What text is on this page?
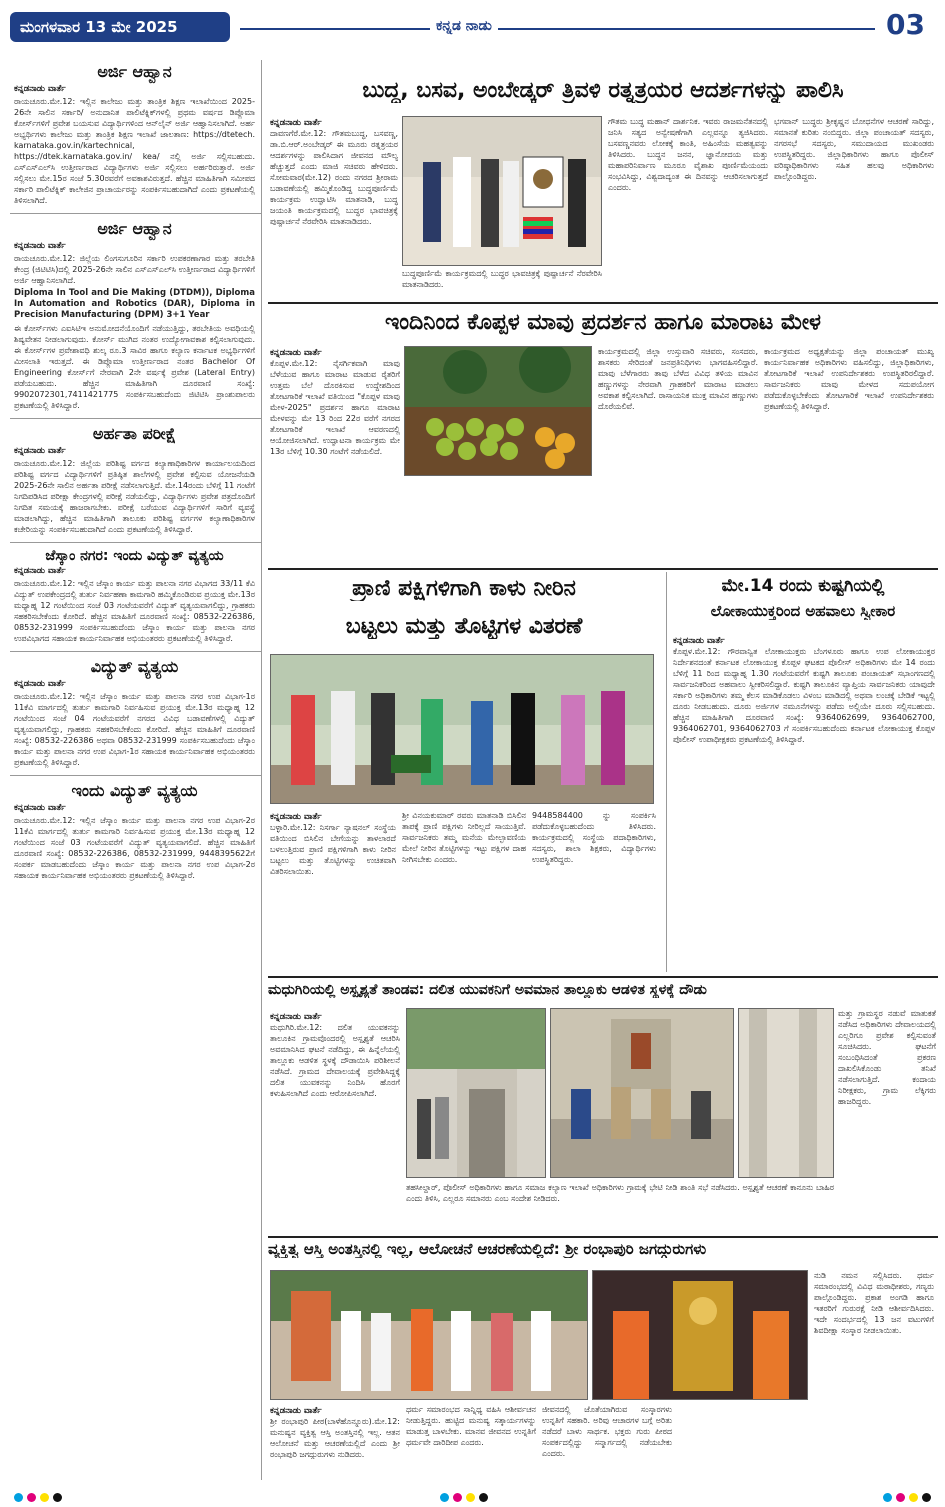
ಮಂಗಳವಾರ 13 ಮೇ 2025	ಕನ್ನಡ ನಾಡು	03
ಅರ್ಜಿ ಆಹ್ವಾನ
ಕನ್ನಡನಾಡು ವಾರ್ತೆ
ರಾಯಚೂರು.ಮೇ.12: ಇಲ್ಲಿನ ಕಾಲೇಜು ಮತ್ತು ತಾಂತ್ರಿಕ ಶಿಕ್ಷಣ ಇಲಾಖೆಯಿಂದ 2025-26ನೇ ಸಾಲಿನ ಸರ್ಕಾರಿ/ ಅನುದಾನಿತ ಪಾಲಿಟೆಕ್ನಿಕ್‌ಗಳಲ್ಲಿ ಪ್ರಥಮ ವರ್ಷದ ಡಿಪ್ಲೊಮಾ ಕೋರ್ಸ್‌ಗಳಿಗೆ ಪ್ರವೇಶ ಬಯಸುವ ವಿದ್ಯಾರ್ಥಿಗಳಿಂದ ಆನ್‌ಲೈನ್ ಅರ್ಜಿ ಆಹ್ವಾನಿಸಲಾಗಿದೆ. ಅರ್ಹ ಅಭ್ಯರ್ಥಿಗಳು ಕಾಲೇಜು ಮತ್ತು ತಾಂತ್ರಿಕ ಶಿಕ್ಷಣ ಇಲಾಖೆ ಜಾಲತಾಣ: https://dtetech. karnataka.gov.in/kartechnical, https://dtek.karnataka.gov.in/ kea/ ನಲ್ಲಿ ಅರ್ಜಿ ಸಲ್ಲಿಸಬಹುದು. ಎಸ್‌ಎಸ್‌ಎಲ್‌ಸಿ ಉತ್ತೀರ್ಣರಾದ ವಿದ್ಯಾರ್ಥಿಗಳು ಅರ್ಜಿ ಸಲ್ಲಿಸಲು ಅರ್ಹರಿರುತ್ತಾರೆ. ಅರ್ಜಿ ಸಲ್ಲಿಸಲು ಮೇ.15ರ ಸಂಜೆ 5.30ರವರೆಗೆ ಅವಕಾಶವಿರುತ್ತದೆ. ಹೆಚ್ಚಿನ ಮಾಹಿತಿಗಾಗಿ ಸಮೀಪದ ಸರ್ಕಾರಿ ಪಾಲಿಟೆಕ್ನಿಕ್ ಕಾಲೇಜಿನ ಪ್ರಾಚಾರ್ಯರನ್ನು ಸಂಪರ್ಕಿಸಬಹುದಾಗಿದೆ ಎಂದು ಪ್ರಕಟಣೆಯಲ್ಲಿ ತಿಳಿಸಲಾಗಿದೆ.
ಅರ್ಜಿ ಆಹ್ವಾನ
ಕನ್ನಡನಾಡು ವಾರ್ತೆ
ರಾಯಚೂರು.ಮೇ.12: ಜಿಲ್ಲೆಯ ಲಿಂಗಸುಗೂರಿನ ಸರ್ಕಾರಿ ಉಪಕರಣಾಗಾರ ಮತ್ತು ತರಬೇತಿ ಕೇಂದ್ರ (ಜಿಟಿಟಿಸಿ)ದಲ್ಲಿ 2025-26ನೇ ಸಾಲಿನ ಎಸ್‌ಎಸ್‌ಎಲ್‌ಸಿ ಉತ್ತೀರ್ಣರಾದ ವಿದ್ಯಾರ್ಥಿಗಳಿಗೆ ಅರ್ಜಿ ಆಹ್ವಾನಿಸಲಾಗಿದೆ.
Diploma In Tool and Die Making (DTDM)), Diploma In Automation and Robotics (DAR), Diploma in Precision Manufacturing (DPM) 3+1 Year
ಈ ಕೋರ್ಸ್‌ಗಳು ಎಐಸಿಟಿಇ ಅನುಮೋದನೆಯೊಂದಿಗೆ ನಡೆಯುತ್ತಿದ್ದು, ತರಬೇತಿಯ ಅವಧಿಯಲ್ಲಿ ಶಿಷ್ಯವೇತನ ನೀಡಲಾಗುವುದು. ಕೋರ್ಸ್ ಮುಗಿದ ನಂತರ ಉದ್ಯೋಗಾವಕಾಶ ಕಲ್ಪಿಸಲಾಗುವುದು. ಈ ಕೋರ್ಸ್‌ಗಳ ಪ್ರವೇಶಾವಧಿ ಶುಲ್ಕ ರೂ.3 ಸಾವಿರ ಹಾಗೂ ಕಲ್ಯಾಣ ಕರ್ನಾಟಕ ಅಭ್ಯರ್ಥಿಗಳಿಗೆ ಮೀಸಲಾತಿ ಇರುತ್ತದೆ. ಈ ಡಿಪ್ಲೊಮಾ ಉತ್ತೀರ್ಣರಾದ ನಂತರ Bachelor Of Engineering ಕೋರ್ಸ್‌ಗೆ ನೇರವಾಗಿ 2ನೇ ವರ್ಷಕ್ಕೆ ಪ್ರವೇಶ (Lateral Entry) ಪಡೆಯಬಹುದು. ಹೆಚ್ಚಿನ ಮಾಹಿತಿಗಾಗಿ ದೂರವಾಣಿ ಸಂಖ್ಯೆ: 9902072301,7411421775 ಸಂಪರ್ಕಿಸಬಹುದೆಂದು ಜಿಟಿಟಿಸಿ ಪ್ರಾಂಶುಪಾಲರು ಪ್ರಕಟಣೆಯಲ್ಲಿ ತಿಳಿಸಿದ್ದಾರೆ.
ಅರ್ಹತಾ ಪರೀಕ್ಷೆ
ಕನ್ನಡನಾಡು ವಾರ್ತೆ
ರಾಯಚೂರು.ಮೇ.12: ಜಿಲ್ಲೆಯ ಪರಿಶಿಷ್ಟ ವರ್ಗದ ಕಲ್ಯಾಣಾಧಿಕಾರಿಗಳ ಕಾರ್ಯಾಲಯದಿಂದ ಪರಿಶಿಷ್ಟ ವರ್ಗದ ವಿದ್ಯಾರ್ಥಿಗಳಿಗೆ ಪ್ರತಿಷ್ಠಿತ ಶಾಲೆಗಳಲ್ಲಿ ಪ್ರವೇಶ ಕಲ್ಪಿಸುವ ಯೋಜನೆಯಡಿ 2025-26ನೇ ಸಾಲಿನ ಅರ್ಹತಾ ಪರೀಕ್ಷೆ ನಡೆಸಲಾಗುತ್ತಿದೆ. ಮೇ.14ರಂದು ಬೆಳಿಗ್ಗೆ 11 ಗಂಟೆಗೆ ನಿಗದಿಪಡಿಸಿದ ಪರೀಕ್ಷಾ ಕೇಂದ್ರಗಳಲ್ಲಿ ಪರೀಕ್ಷೆ ನಡೆಯಲಿದ್ದು, ವಿದ್ಯಾರ್ಥಿಗಳು ಪ್ರವೇಶ ಪತ್ರದೊಂದಿಗೆ ನಿಗದಿತ ಸಮಯಕ್ಕೆ ಹಾಜರಾಗಬೇಕು. ಪರೀಕ್ಷೆ ಬರೆಯುವ ವಿದ್ಯಾರ್ಥಿಗಳಿಗೆ ಸಾರಿಗೆ ವ್ಯವಸ್ಥೆ ಮಾಡಲಾಗಿದ್ದು, ಹೆಚ್ಚಿನ ಮಾಹಿತಿಗಾಗಿ ತಾಲೂಕು ಪರಿಶಿಷ್ಟ ವರ್ಗಗಳ ಕಲ್ಯಾಣಾಧಿಕಾರಿಗಳ ಕಚೇರಿಯನ್ನು ಸಂಪರ್ಕಿಸಬಹುದಾಗಿದೆ ಎಂದು ಪ್ರಕಟಣೆಯಲ್ಲಿ ತಿಳಿಸಿದ್ದಾರೆ.
ಜೆಸ್ಕಾಂ ನಗರ: ಇಂದು ವಿದ್ಯುತ್ ವ್ಯತ್ಯಯ
ಕನ್ನಡನಾಡು ವಾರ್ತೆ
ರಾಯಚೂರು.ಮೇ.12: ಇಲ್ಲಿನ ಜೆಸ್ಕಾಂ ಕಾರ್ಯ ಮತ್ತು ಪಾಲನಾ ನಗರ ವಿಭಾಗದ 33/11 ಕೆವಿ ವಿದ್ಯುತ್ ಉಪಕೇಂದ್ರದಲ್ಲಿ ತುರ್ತು ನಿರ್ವಹಣಾ ಕಾಮಗಾರಿ ಹಮ್ಮಿಕೊಂಡಿರುವ ಪ್ರಯುಕ್ತ ಮೇ.13ರ ಮಧ್ಯಾಹ್ನ 12 ಗಂಟೆಯಿಂದ ಸಂಜೆ 03 ಗಂಟೆಯವರೆಗೆ ವಿದ್ಯುತ್ ವ್ಯತ್ಯಯವಾಗಲಿದ್ದು, ಗ್ರಾಹಕರು ಸಹಕರಿಸಬೇಕೆಂದು ಕೋರಿದೆ. ಹೆಚ್ಚಿನ ಮಾಹಿತಿಗೆ ದೂರವಾಣಿ ಸಂಖ್ಯೆ: 08532-226386, 08532-231999 ಸಂಪರ್ಕಿಸಬಹುದೆಂದು ಜೆಸ್ಕಾಂ ಕಾರ್ಯ ಮತ್ತು ಪಾಲನಾ ನಗರ ಉಪವಿಭಾಗದ ಸಹಾಯಕ ಕಾರ್ಯನಿರ್ವಾಹಕ ಅಭಿಯಂತರರು ಪ್ರಕಟಣೆಯಲ್ಲಿ ತಿಳಿಸಿದ್ದಾರೆ.
ವಿದ್ಯುತ್ ವ್ಯತ್ಯಯ
ಕನ್ನಡನಾಡು ವಾರ್ತೆ
ರಾಯಚೂರು.ಮೇ.12: ಇಲ್ಲಿನ ಜೆಸ್ಕಾಂ ಕಾರ್ಯ ಮತ್ತು ಪಾಲನಾ ನಗರ ಉಪ ವಿಭಾಗ-1ರ 11ಕೆವಿ ಮಾರ್ಗದಲ್ಲಿ ತುರ್ತು ಕಾಮಗಾರಿ ನಿರ್ವಹಿಸುವ ಪ್ರಯುಕ್ತ ಮೇ.13ರ ಮಧ್ಯಾಹ್ನ 12 ಗಂಟೆಯಿಂದ ಸಂಜೆ 04 ಗಂಟೆಯವರೆಗೆ ನಗರದ ವಿವಿಧ ಬಡಾವಣೆಗಳಲ್ಲಿ ವಿದ್ಯುತ್ ವ್ಯತ್ಯಯವಾಗಲಿದ್ದು, ಗ್ರಾಹಕರು ಸಹಕರಿಸಬೇಕೆಂದು ಕೋರಿದೆ. ಹೆಚ್ಚಿನ ಮಾಹಿತಿಗೆ ದೂರವಾಣಿ ಸಂಖ್ಯೆ: 08532-226386 ಅಥವಾ 08532-231999 ಸಂಪರ್ಕಿಸಬಹುದೆಂದು ಜೆಸ್ಕಾಂ ಕಾರ್ಯ ಮತ್ತು ಪಾಲನಾ ನಗರ ಉಪ ವಿಭಾಗ-1ರ ಸಹಾಯಕ ಕಾರ್ಯನಿರ್ವಾಹಕ ಅಭಿಯಂತರರು ಪ್ರಕಟಣೆಯಲ್ಲಿ ತಿಳಿಸಿದ್ದಾರೆ.
ಇಂದು ವಿದ್ಯುತ್ ವ್ಯತ್ಯಯ
ಕನ್ನಡನಾಡು ವಾರ್ತೆ
ರಾಯಚೂರು.ಮೇ.12: ಇಲ್ಲಿನ ಜೆಸ್ಕಾಂ ಕಾರ್ಯ ಮತ್ತು ಪಾಲನಾ ನಗರ ಉಪ ವಿಭಾಗ-2ರ 11ಕೆವಿ ಮಾರ್ಗದಲ್ಲಿ ತುರ್ತು ಕಾಮಗಾರಿ ನಿರ್ವಹಿಸುವ ಪ್ರಯುಕ್ತ ಮೇ.13ರ ಮಧ್ಯಾಹ್ನ 12 ಗಂಟೆಯಿಂದ ಸಂಜೆ 03 ಗಂಟೆಯವರೆಗೆ ವಿದ್ಯುತ್ ವ್ಯತ್ಯಯವಾಗಲಿದೆ. ಹೆಚ್ಚಿನ ಮಾಹಿತಿಗೆ ದೂರವಾಣಿ ಸಂಖ್ಯೆ: 08532-226386, 08532-231999, 9448395622ಗೆ ಸಂಪರ್ಕ ಮಾಡಬಹುದೆಂದು ಜೆಸ್ಕಾಂ ಕಾರ್ಯ ಮತ್ತು ಪಾಲನಾ ನಗರ ಉಪ ವಿಭಾಗ-2ರ ಸಹಾಯಕ ಕಾರ್ಯನಿರ್ವಾಹಕ ಅಭಿಯಂತರರು ಪ್ರಕಟಣೆಯಲ್ಲಿ ತಿಳಿಸಿದ್ದಾರೆ.
ಬುದ್ಧ, ಬಸವ, ಅಂಬೇಡ್ಕರ್ ತ್ರಿವಳಿ ರತ್ನತ್ರಯರ ಆದರ್ಶಗಳನ್ನು ಪಾಲಿಸಿ
ಕನ್ನಡನಾಡು ವಾರ್ತೆ
ದಾವಣಗೆರೆ.ಮೇ.12: ಗೌತಮಬುದ್ಧ, ಬಸವಣ್ಣ, ಡಾ.ಬಿ.ಆರ್.ಅಂಬೇಡ್ಕರ್ ಈ ಮೂರು ರತ್ನತ್ರಯರ ಆದರ್ಶಗಳನ್ನು ಪಾಲಿಸಿದಾಗ ಜೀವನದ ಮೌಲ್ಯ ಹೆಚ್ಚುತ್ತದೆ ಎಂದು ಮಾಜಿ ಸಚಿವರು ಹೇಳಿದರು. ಸೋಮವಾರ(ಮೇ.12) ರಂದು ನಗರದ ಶ್ರೀರಾಮ ಬಡಾವಣೆಯಲ್ಲಿ ಹಮ್ಮಿಕೊಂಡಿದ್ದ ಬುದ್ಧಪೂರ್ಣಿಮೆ ಕಾರ್ಯಕ್ರಮ ಉದ್ಘಾಟಿಸಿ ಮಾತನಾಡಿ, ಬುದ್ಧ ಜಯಂತಿ ಕಾರ್ಯಕ್ರಮದಲ್ಲಿ ಬುದ್ಧರ ಭಾವಚಿತ್ರಕ್ಕೆ ಪುಷ್ಪಾರ್ಚನೆ ನೆರವೇರಿಸಿ ಮಾತನಾಡಿದರು.
ಬುದ್ಧಪೂರ್ಣಿಮೆ ಕಾರ್ಯಕ್ರಮದಲ್ಲಿ ಬುದ್ಧರ ಭಾವಚಿತ್ರಕ್ಕೆ ಪುಷ್ಪಾರ್ಚನೆ ನೆರವೇರಿಸಿ ಮಾತನಾಡಿದರು.
ಗೌತಮ ಬುದ್ಧ ಮಹಾನ್ ದಾರ್ಶನಿಕ. ಇವರು ರಾಜಮನೆತನದಲ್ಲಿ ಜನಿಸಿ ಸತ್ಯದ ಅನ್ವೇಷಣೆಗಾಗಿ ಎಲ್ಲವನ್ನೂ ತ್ಯಜಿಸಿದರು. ಬಸವಣ್ಣನವರು ಲೋಕಕ್ಕೆ ಕಾಂತಿ, ಅಹಿಂಸೆಯ ಮಹತ್ವವನ್ನು ತಿಳಿಸಿದರು. ಬುದ್ಧನ ಜನನ, ಜ್ಞಾನೋದಯ ಮತ್ತು ಮಹಾಪರಿನಿರ್ವಾಣ ಮೂರೂ ವೈಶಾಖ ಪೂರ್ಣಿಮೆಯಂದು ಸಂಭವಿಸಿದ್ದು, ವಿಶ್ವದಾದ್ಯಂತ ಈ ದಿನವನ್ನು ಆಚರಿಸಲಾಗುತ್ತದೆ ಎಂದರು.
ಭಗವಾನ್ ಬುದ್ಧರು ಶ್ರೀಕೃಷ್ಣನ ಬೋಧನೆಗಳ ಆಚರಣೆ ಸಾರಿದ್ದು, ಸಮಾನತೆ ಕುರಿತು ನಂಬಿದ್ದರು. ಜಿಲ್ಲಾ ಪಂಚಾಯತ್ ಸದಸ್ಯರು, ನಗರಸಭೆ ಸದಸ್ಯರು, ಸಮುದಾಯದ ಮುಖಂಡರು ಉಪಸ್ಥಿತರಿದ್ದರು. ಜಿಲ್ಲಾಧಿಕಾರಿಗಳು ಹಾಗೂ ಪೊಲೀಸ್ ವರಿಷ್ಠಾಧಿಕಾರಿಗಳು ಸಹಿತ ಹಲವು ಅಧಿಕಾರಿಗಳು ಪಾಲ್ಗೊಂಡಿದ್ದರು.
ಇಂದಿನಿಂದ ಕೊಪ್ಪಳ ಮಾವು ಪ್ರದರ್ಶನ ಹಾಗೂ ಮಾರಾಟ ಮೇಳ
ಕನ್ನಡನಾಡು ವಾರ್ತೆ
ಕೊಪ್ಪಳ.ಮೇ.12: ನೈಸರ್ಗಿಕವಾಗಿ ಮಾವು ಬೆಳೆಯುವ ಹಾಗೂ ಮಾರಾಟ ಮಾಡುವ ರೈತರಿಗೆ ಉತ್ತಮ ಬೆಲೆ ದೊರಕಿಸುವ ಉದ್ದೇಶದಿಂದ ತೋಟಗಾರಿಕೆ ಇಲಾಖೆ ವತಿಯಿಂದ "ಕೊಪ್ಪಳ ಮಾವು ಮೇಳ-2025" ಪ್ರದರ್ಶನ ಹಾಗೂ ಮಾರಾಟ ಮೇಳವನ್ನು ಮೇ 13 ರಿಂದ 22ರ ವರೆಗೆ ನಗರದ ತೋಟಗಾರಿಕೆ ಇಲಾಖೆ ಆವರಣದಲ್ಲಿ ಆಯೋಜಿಸಲಾಗಿದೆ. ಉದ್ಘಾಟನಾ ಕಾರ್ಯಕ್ರಮ ಮೇ 13ರ ಬೆಳಿಗ್ಗೆ 10.30 ಗಂಟೆಗೆ ನಡೆಯಲಿದೆ.
ಕಾರ್ಯಕ್ರಮದಲ್ಲಿ ಜಿಲ್ಲಾ ಉಸ್ತುವಾರಿ ಸಚಿವರು, ಸಂಸದರು, ಶಾಸಕರು ಸೇರಿದಂತೆ ಜನಪ್ರತಿನಿಧಿಗಳು ಭಾಗವಹಿಸಲಿದ್ದಾರೆ. ಮಾವು ಬೆಳೆಗಾರರು ತಾವು ಬೆಳೆದ ವಿವಿಧ ತಳಿಯ ಮಾವಿನ ಹಣ್ಣುಗಳನ್ನು ನೇರವಾಗಿ ಗ್ರಾಹಕರಿಗೆ ಮಾರಾಟ ಮಾಡಲು ಅವಕಾಶ ಕಲ್ಪಿಸಲಾಗಿದೆ. ರಾಸಾಯನಿಕ ಮುಕ್ತ ಮಾವಿನ ಹಣ್ಣುಗಳು ದೊರೆಯಲಿವೆ.
ಕಾರ್ಯಕ್ರಮದ ಅಧ್ಯಕ್ಷತೆಯನ್ನು ಜಿಲ್ಲಾ ಪಂಚಾಯತ್ ಮುಖ್ಯ ಕಾರ್ಯನಿರ್ವಾಹಕ ಅಧಿಕಾರಿಗಳು ವಹಿಸಲಿದ್ದು, ಜಿಲ್ಲಾಧಿಕಾರಿಗಳು, ತೋಟಗಾರಿಕೆ ಇಲಾಖೆ ಉಪನಿರ್ದೇಶಕರು ಉಪಸ್ಥಿತರಿರಲಿದ್ದಾರೆ. ಸಾರ್ವಜನಿಕರು ಮಾವು ಮೇಳದ ಸದುಪಯೋಗ ಪಡೆದುಕೊಳ್ಳಬೇಕೆಂದು ತೋಟಗಾರಿಕೆ ಇಲಾಖೆ ಉಪನಿರ್ದೇಶಕರು ಪ್ರಕಟಣೆಯಲ್ಲಿ ತಿಳಿಸಿದ್ದಾರೆ.
ಪ್ರಾಣಿ ಪಕ್ಷಿಗಳಿಗಾಗಿ ಕಾಳು ನೀರಿನ
ಬಟ್ಟಲು ಮತ್ತು ತೊಟ್ಟಿಗಳ ವಿತರಣೆ
ಕನ್ನಡನಾಡು ವಾರ್ತೆ
ಬಳ್ಳಾರಿ.ಮೇ.12: ನಿಸರ್ಗಾ ನ್ಯಾಷನಲ್ ಸಂಸ್ಥೆಯ ವತಿಯಿಂದ ಬಿಸಿಲಿನ ಬೇಗೆಯನ್ನು ತಾಳಲಾರದೆ ಬಳಲುತ್ತಿರುವ ಪ್ರಾಣಿ ಪಕ್ಷಿಗಳಿಗಾಗಿ ಕಾಳು ನೀರಿನ ಬಟ್ಟಲು ಮತ್ತು ತೊಟ್ಟಿಗಳನ್ನು ಉಚಿತವಾಗಿ ವಿತರಿಸಲಾಯಿತು.
ಶ್ರೀ ವಿನಯಕುಮಾರ್ ರವರು ಮಾತನಾಡಿ ಬಿಸಿಲಿನ ತಾಪಕ್ಕೆ ಪ್ರಾಣಿ ಪಕ್ಷಿಗಳು ನೀರಿಲ್ಲದೆ ಸಾಯುತ್ತಿವೆ. ಸಾರ್ವಜನಿಕರು ತಮ್ಮ ಮನೆಯ ಮೇಲ್ಛಾವಣಿಯ ಮೇಲೆ ನೀರಿನ ತೊಟ್ಟಿಗಳನ್ನು ಇಟ್ಟು ಪಕ್ಷಿಗಳ ದಾಹ ನೀಗಿಸಬೇಕು ಎಂದರು.
9448584400 ನ್ನು ಸಂಪರ್ಕಿಸಿ ಪಡೆದುಕೊಳ್ಳಬಹುದೆಂದು ತಿಳಿಸಿದರು. ಕಾರ್ಯಕ್ರಮದಲ್ಲಿ ಸಂಸ್ಥೆಯ ಪದಾಧಿಕಾರಿಗಳು, ಸದಸ್ಯರು, ಶಾಲಾ ಶಿಕ್ಷಕರು, ವಿದ್ಯಾರ್ಥಿಗಳು ಉಪಸ್ಥಿತರಿದ್ದರು.
ಮೇ.14 ರಂದು ಕುಷ್ಟಗಿಯಲ್ಲಿ
ಲೋಕಾಯುಕ್ತರಿಂದ ಅಹವಾಲು ಸ್ವೀಕಾರ
ಕನ್ನಡನಾಡು ವಾರ್ತೆ
ಕೊಪ್ಪಳ.ಮೇ.12: ಗೌರವಾನ್ವಿತ ಲೋಕಾಯುಕ್ತರು ಬೆಂಗಳೂರು ಹಾಗೂ ಉಪ ಲೋಕಾಯುಕ್ತರ ನಿರ್ದೇಶನದಂತೆ ಕರ್ನಾಟಕ ಲೋಕಾಯುಕ್ತ ಕೊಪ್ಪಳ ಘಟಕದ ಪೊಲೀಸ್ ಅಧಿಕಾರಿಗಳು ಮೇ 14 ರಂದು ಬೆಳಿಗ್ಗೆ 11 ರಿಂದ ಮಧ್ಯಾಹ್ನ 1.30 ಗಂಟೆಯವರೆಗೆ ಕುಷ್ಟಗಿ ತಾಲೂಕು ಪಂಚಾಯತ್ ಸಭಾಂಗಣದಲ್ಲಿ ಸಾರ್ವಜನಿಕರಿಂದ ಅಹವಾಲು ಸ್ವೀಕರಿಸಲಿದ್ದಾರೆ. ಕುಷ್ಟಗಿ ತಾಲೂಕಿನ ವ್ಯಾಪ್ತಿಯ ಸಾರ್ವಜನಿಕರು ಯಾವುದೇ ಸರ್ಕಾರಿ ಅಧಿಕಾರಿಗಳು ತಮ್ಮ ಕೆಲಸ ಮಾಡಿಕೊಡಲು ವಿಳಂಬ ಮಾಡಿದಲ್ಲಿ ಅಥವಾ ಲಂಚಕ್ಕೆ ಬೇಡಿಕೆ ಇಟ್ಟಲ್ಲಿ ದೂರು ನೀಡಬಹುದು. ದೂರು ಅರ್ಜಿಗಳ ನಮೂನೆಗಳನ್ನು ಪಡೆದು ಅಲ್ಲಿಯೇ ದೂರು ಸಲ್ಲಿಸಬಹುದು. ಹೆಚ್ಚಿನ ಮಾಹಿತಿಗಾಗಿ ದೂರವಾಣಿ ಸಂಖ್ಯೆ: 9364062699, 9364062700, 9364062701, 9364062703 ಗೆ ಸಂಪರ್ಕಿಸಬಹುದೆಂದು ಕರ್ನಾಟಕ ಲೋಕಾಯುಕ್ತ ಕೊಪ್ಪಳ ಪೊಲೀಸ್ ಉಪಾಧೀಕ್ಷಕರು ಪ್ರಕಟಣೆಯಲ್ಲಿ ತಿಳಿಸಿದ್ದಾರೆ.
ಮಧುಗಿರಿಯಲ್ಲಿ ಅಸ್ಪೃಶ್ಯತೆ ತಾಂಡವ: ದಲಿತ ಯುವಕನಿಗೆ ಅವಮಾನ ತಾಲ್ಲೂಕು ಆಡಳಿತ ಸ್ಥಳಕ್ಕೆ ದೌಡು
ಕನ್ನಡನಾಡು ವಾರ್ತೆ
ಮಧುಗಿರಿ.ಮೇ.12: ದಲಿತ ಯುವಕನನ್ನು ತಾಲೂಕಿನ ಗ್ರಾಮವೊಂದರಲ್ಲಿ ಅಸ್ಪೃಶ್ಯತೆ ಆಚರಿಸಿ ಅವಮಾನಿಸಿದ ಘಟನೆ ನಡೆದಿದ್ದು, ಈ ಹಿನ್ನೆಲೆಯಲ್ಲಿ ತಾಲ್ಲೂಕು ಆಡಳಿತ ಸ್ಥಳಕ್ಕೆ ದೌಡಾಯಿಸಿ ಪರಿಶೀಲನೆ ನಡೆಸಿದೆ. ಗ್ರಾಮದ ದೇವಾಲಯಕ್ಕೆ ಪ್ರವೇಶಿಸಿದ್ದಕ್ಕೆ ದಲಿತ ಯುವಕನನ್ನು ನಿಂದಿಸಿ ಹೊರಗೆ ಕಳುಹಿಸಲಾಗಿದೆ ಎಂದು ಆರೋಪಿಸಲಾಗಿದೆ.
ಮತ್ತು ಗ್ರಾಮಸ್ಥರ ನಡುವೆ ಮಾತುಕತೆ ನಡೆಸಿದ ಅಧಿಕಾರಿಗಳು ದೇವಾಲಯದಲ್ಲಿ ಎಲ್ಲರಿಗೂ ಪ್ರವೇಶ ಕಲ್ಪಿಸುವಂತೆ ಸೂಚಿಸಿದರು. ಘಟನೆಗೆ ಸಂಬಂಧಿಸಿದಂತೆ ಪ್ರಕರಣ ದಾಖಲಿಸಿಕೊಂಡು ತನಿಖೆ ನಡೆಸಲಾಗುತ್ತಿದೆ. ಕಂದಾಯ ನಿರೀಕ್ಷಕರು, ಗ್ರಾಮ ಲೆಕ್ಕಿಗರು ಹಾಜರಿದ್ದರು.
ತಹಸೀಲ್ದಾರ್, ಪೊಲೀಸ್ ಅಧಿಕಾರಿಗಳು ಹಾಗೂ ಸಮಾಜ ಕಲ್ಯಾಣ ಇಲಾಖೆ ಅಧಿಕಾರಿಗಳು ಗ್ರಾಮಕ್ಕೆ ಭೇಟಿ ನೀಡಿ ಶಾಂತಿ ಸಭೆ ನಡೆಸಿದರು. ಅಸ್ಪೃಶ್ಯತೆ ಆಚರಣೆ ಕಾನೂನು ಬಾಹಿರ ಎಂದು ತಿಳಿಸಿ, ಎಲ್ಲರೂ ಸಮಾನರು ಎಂಬ ಸಂದೇಶ ನೀಡಿದರು.
ವ್ಯಕ್ತಿತ್ವ ಆಸ್ತಿ ಅಂತಸ್ತಿನಲ್ಲಿ ಇಲ್ಲ, ಆಲೋಚನೆ ಆಚರಣೆಯಲ್ಲಿದೆ: ಶ್ರೀ ರಂಭಾಪುರಿ ಜಗದ್ಗುರುಗಳು
ಕನ್ನಡನಾಡು ವಾರ್ತೆ
ಶ್ರೀ ರಂಭಾಪುರಿ ಪೀಠ(ಬಾಳೆಹೊನ್ನೂರು).ಮೇ.12: ಮನುಷ್ಯನ ವ್ಯಕ್ತಿತ್ವ ಆಸ್ತಿ ಅಂತಸ್ತಿನಲ್ಲಿ ಇಲ್ಲ. ಆತನ ಆಲೋಚನೆ ಮತ್ತು ಆಚರಣೆಯಲ್ಲಿದೆ ಎಂದು ಶ್ರೀ ರಂಭಾಪುರಿ ಜಗದ್ಗುರುಗಳು ನುಡಿದರು.
ಧರ್ಮ ಸಮಾರಂಭದ ಸಾನ್ನಿಧ್ಯ ವಹಿಸಿ ಆಶೀರ್ವಚನ ನೀಡುತ್ತಿದ್ದರು. ಹುಟ್ಟಿದ ಮನುಷ್ಯ ಸತ್ಕಾರ್ಯಗಳನ್ನು ಮಾಡುತ್ತ ಬಾಳಬೇಕು. ಮಾನವ ಜೀವನದ ಉನ್ನತಿಗೆ ಧರ್ಮವೇ ದಾರಿದೀಪ ಎಂದರು.
ಜೀವನದಲ್ಲಿ ಜೊತೆಯಾಗಿರುವ ಸಂಸ್ಕಾರಗಳು ಉನ್ನತಿಗೆ ಸಹಕಾರಿ. ಅರಿವು ಆಚಾರಗಳ ಬಗ್ಗೆ ಅರಿತು ನಡೆದರೆ ಬಾಳು ಸಾರ್ಥಕ. ಭಕ್ತರು ಗುರು ಪೀಠದ ಸಂಪರ್ಕದಲ್ಲಿದ್ದು ಸನ್ಮಾರ್ಗದಲ್ಲಿ ನಡೆಯಬೇಕು ಎಂದರು.
ನುಡಿ ನಮನ ಸಲ್ಲಿಸಿದರು. ಧರ್ಮ ಸಮಾರಂಭದಲ್ಲಿ ವಿವಿಧ ಮಠಾಧೀಶರು, ಗಣ್ಯರು ಪಾಲ್ಗೊಂಡಿದ್ದರು. ಪ್ರಕಾಶ ಅಂಗಡಿ ಹಾಗೂ ಇತರರಿಗೆ ಗುರುರಕ್ಷೆ ನೀಡಿ ಆಶೀರ್ವದಿಸಿದರು. ಇದೇ ಸಂದರ್ಭದಲ್ಲಿ 13 ಜನ ವಟುಗಳಿಗೆ ಶಿವದೀಕ್ಷಾ ಸಂಸ್ಕಾರ ನೀಡಲಾಯಿತು.
